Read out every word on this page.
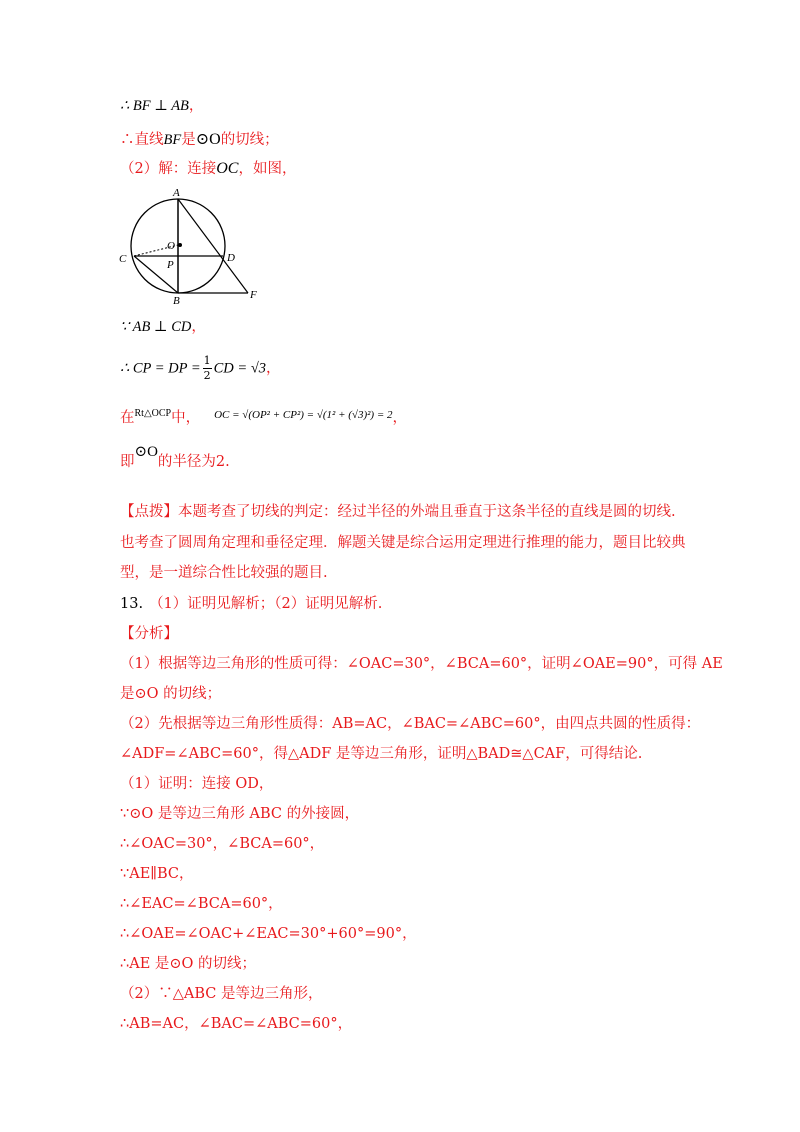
∴ BF ⊥ AB，
∴直线BF是⊙O的切线；
（2）解：连接OC，如图，
A
O
C	P
D
B	F
∵ AB ⊥ CD，
∴ CP = DP = $\frac{1}{2}$ CD = √3，
在$^{Rt\triangle OCP}$中， $^{OC = √(OP^2 + CP^2) = √(1^2 + (√3)^2) = 2}$，
即⊙O的半径为2.
【点拨】本题考查了切线的判定：经过半径的外端且垂直于这条半径的直线是圆的切线.
也考查了圆周角定理和垂径定理．解题关键是综合运用定理进行推理的能力，题目比较典
型，是一道综合性比较强的题目.
13. （1）证明见解析；（2）证明见解析.
【分析】
（1）根据等边三角形的性质可得：∠OAC=30°，∠BCA=60°，证明∠OAE=90°，可得 AE
是⊙O 的切线；
（2）先根据等边三角形性质得：AB=AC，∠BAC=∠ABC=60°，由四点共圆的性质得：
∠ADF=∠ABC=60°，得△ADF 是等边三角形，证明△BAD≅△CAF，可得结论.
（1）证明：连接 OD，
∵⊙O 是等边三角形 ABC 的外接圆，
∴∠OAC=30°，∠BCA=60°，
∵AE∥BC，
∴∠EAC=∠BCA=60°，
∴∠OAE=∠OAC+∠EAC=30°+60°=90°，
∴AE 是⊙O 的切线；
（2）∵△ABC 是等边三角形，
∴AB=AC，∠BAC=∠ABC=60°，
